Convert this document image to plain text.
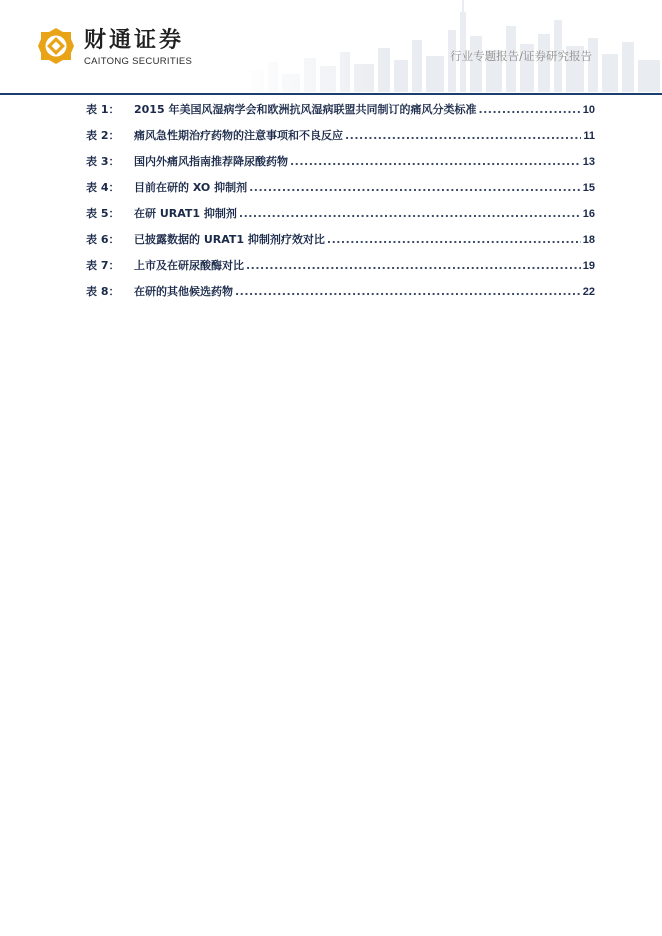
财通证券
CAITONG SECURITIES	行业专题报告/证券研究报告
表 1：	2015 年美国风湿病学会和欧洲抗风湿病联盟共同制订的痛风分类标准 .....	10
表 2：	痛风急性期治疗药物的注意事项和不良反应 .....	11
表 3：	国内外痛风指南推荐降尿酸药物 .....	13
表 4：	目前在研的 XO 抑制剂 .....	15
表 5：	在研 URAT1 抑制剂 .....	16
表 6：	已披露数据的 URAT1 抑制剂疗效对比 .....	18
表 7：	上市及在研尿酸酶对比 .....	19
表 8：	在研的其他候选药物 .....	22
